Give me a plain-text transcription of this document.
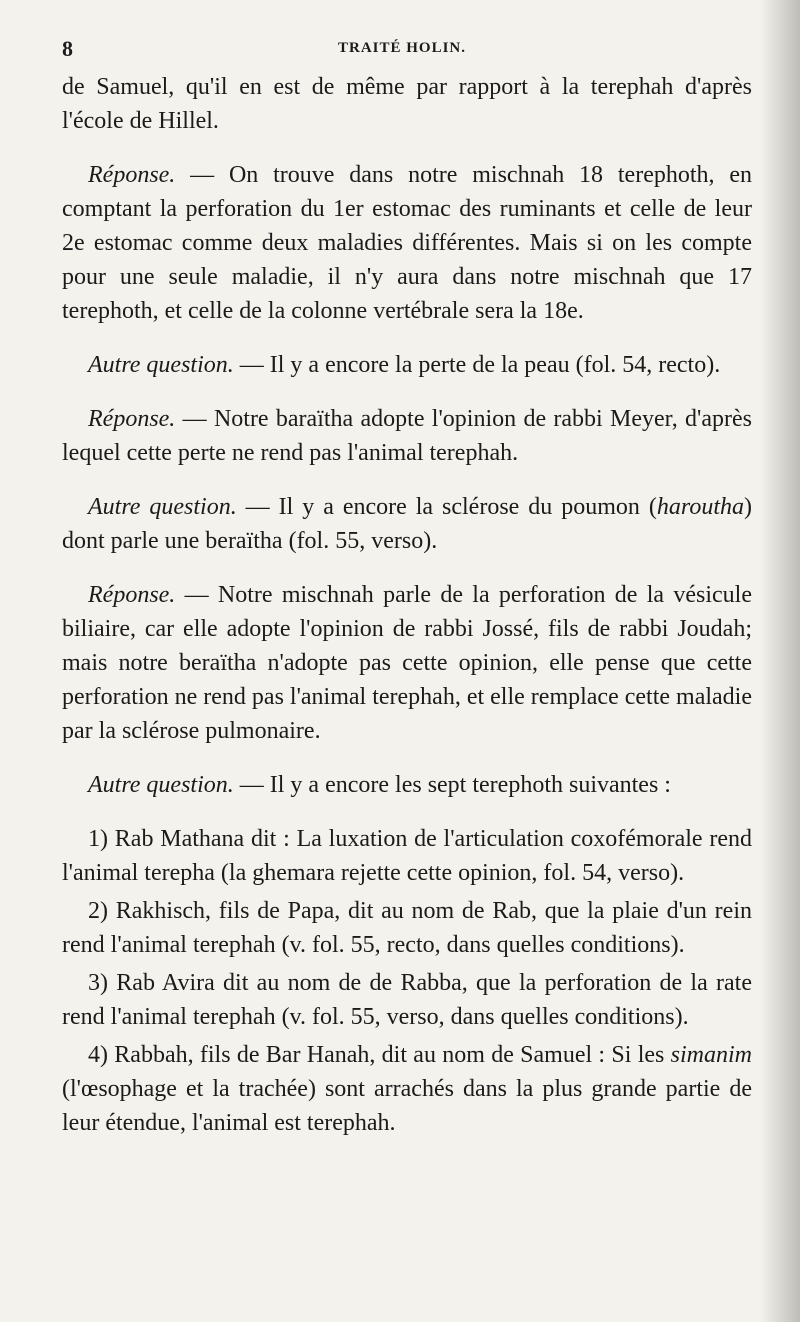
8	TRAITÉ HOLIN.

de Samuel, qu'il en est de même par rapport à la terephah d'après l'école de Hillel.

Réponse. — On trouve dans notre mischnah 18 terephoth, en comptant la perforation du 1er estomac des ruminants et celle de leur 2e estomac comme deux maladies différentes. Mais si on les compte pour une seule maladie, il n'y aura dans notre mischnah que 17 terephoth, et celle de la colonne vertébrale sera la 18e.

Autre question. — Il y a encore la perte de la peau (fol. 54, recto).

Réponse. — Notre baraïtha adopte l'opinion de rabbi Meyer, d'après lequel cette perte ne rend pas l'animal terephah.

Autre question. — Il y a encore la sclérose du poumon (haroutha) dont parle une beraïtha (fol. 55, verso).

Réponse. — Notre mischnah parle de la perforation de la vésicule biliaire, car elle adopte l'opinion de rabbi Jossé, fils de rabbi Joudah; mais notre beraïtha n'adopte pas cette opinion, elle pense que cette perforation ne rend pas l'animal terephah, et elle remplace cette maladie par la sclérose pulmonaire.

Autre question. — Il y a encore les sept terephoth suivantes :

1) Rab Mathana dit : La luxation de l'articulation coxofémorale rend l'animal terepha (la ghemara rejette cette opinion, fol. 54, verso).

2) Rakhisch, fils de Papa, dit au nom de Rab, que la plaie d'un rein rend l'animal terephah (v. fol. 55, recto, dans quelles conditions).

3) Rab Avira dit au nom de de Rabba, que la perforation de la rate rend l'animal terephah (v. fol. 55, verso, dans quelles conditions).

4) Rabbah, fils de Bar Hanah, dit au nom de Samuel : Si les simanim (l'œsophage et la trachée) sont arrachés dans la plus grande partie de leur étendue, l'animal est terephah.
